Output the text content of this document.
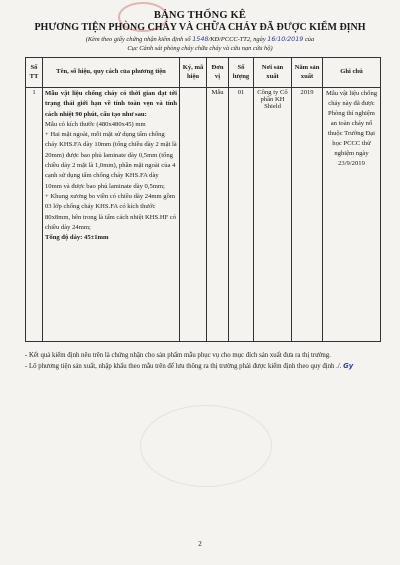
BẢNG THỐNG KÊ
PHƯƠNG TIỆN PHÒNG CHÁY VÀ CHỮA CHÁY ĐÃ ĐƯỢC KIỂM ĐỊNH
(Kèm theo giấy chứng nhận kiểm định số 1548/KĐ/PCCC-TT2, ngày 16/10/2019 của
Cục Cảnh sát phòng cháy chữa cháy và cứu nạn cứu hộ)
Số TT	Tên, số hiệu, quy cách của phương tiện	Ký, mã hiệu	Đơn vị	Số lượng	Nơi sản xuất	Năm sản xuất	Ghi chú
1	Mẫu vật liệu chống cháy có thời gian đạt tới trạng thái giới hạn về tính toàn vẹn và tính cách nhiệt 90 phút, cấu tạo như sau:
Mẫu có kích thước (480x480x45) mm
+ Hai mặt ngoài, mỗi mặt sử dụng tấm chống cháy KHS.FA dày 10mm (tổng chiều dày 2 mặt là 20mm) được bao phủ laminate dày 0,5mm (tổng chiều dày 2 mặt là 1,0mm), phần mặt ngoài của 4 cạnh sử dụng tấm chống cháy KHS.FA dày 10mm và được bao phủ laminate dày 0,5mm;
+ Khung xương bo viền có chiều dày 24mm gồm 03 lớp chống cháy KHS.FA có kích thước 80x8mm, bên trong là tấm cách nhiệt KHS.HF có chiều dày 24mm;
Tổng độ dày: 45±1mm		Mẫu	01	Công ty Cổ phần KH Shield	2019	Mẫu vật liệu chống cháy này đã được Phòng thí nghiệm an toàn cháy nổ thuộc Trường Đại học PCCC thử nghiệm ngày 23/9/2019

- Kết quả kiểm định nêu trên là chứng nhận cho sản phẩm mẫu phục vụ cho mục đích sản xuất đưa ra thị trường.

- Lô phương tiện sản xuất, nhập khẩu theo mẫu trên để lưu thông ra thị trường phải được kiểm định theo quy định ./. Gy

2
